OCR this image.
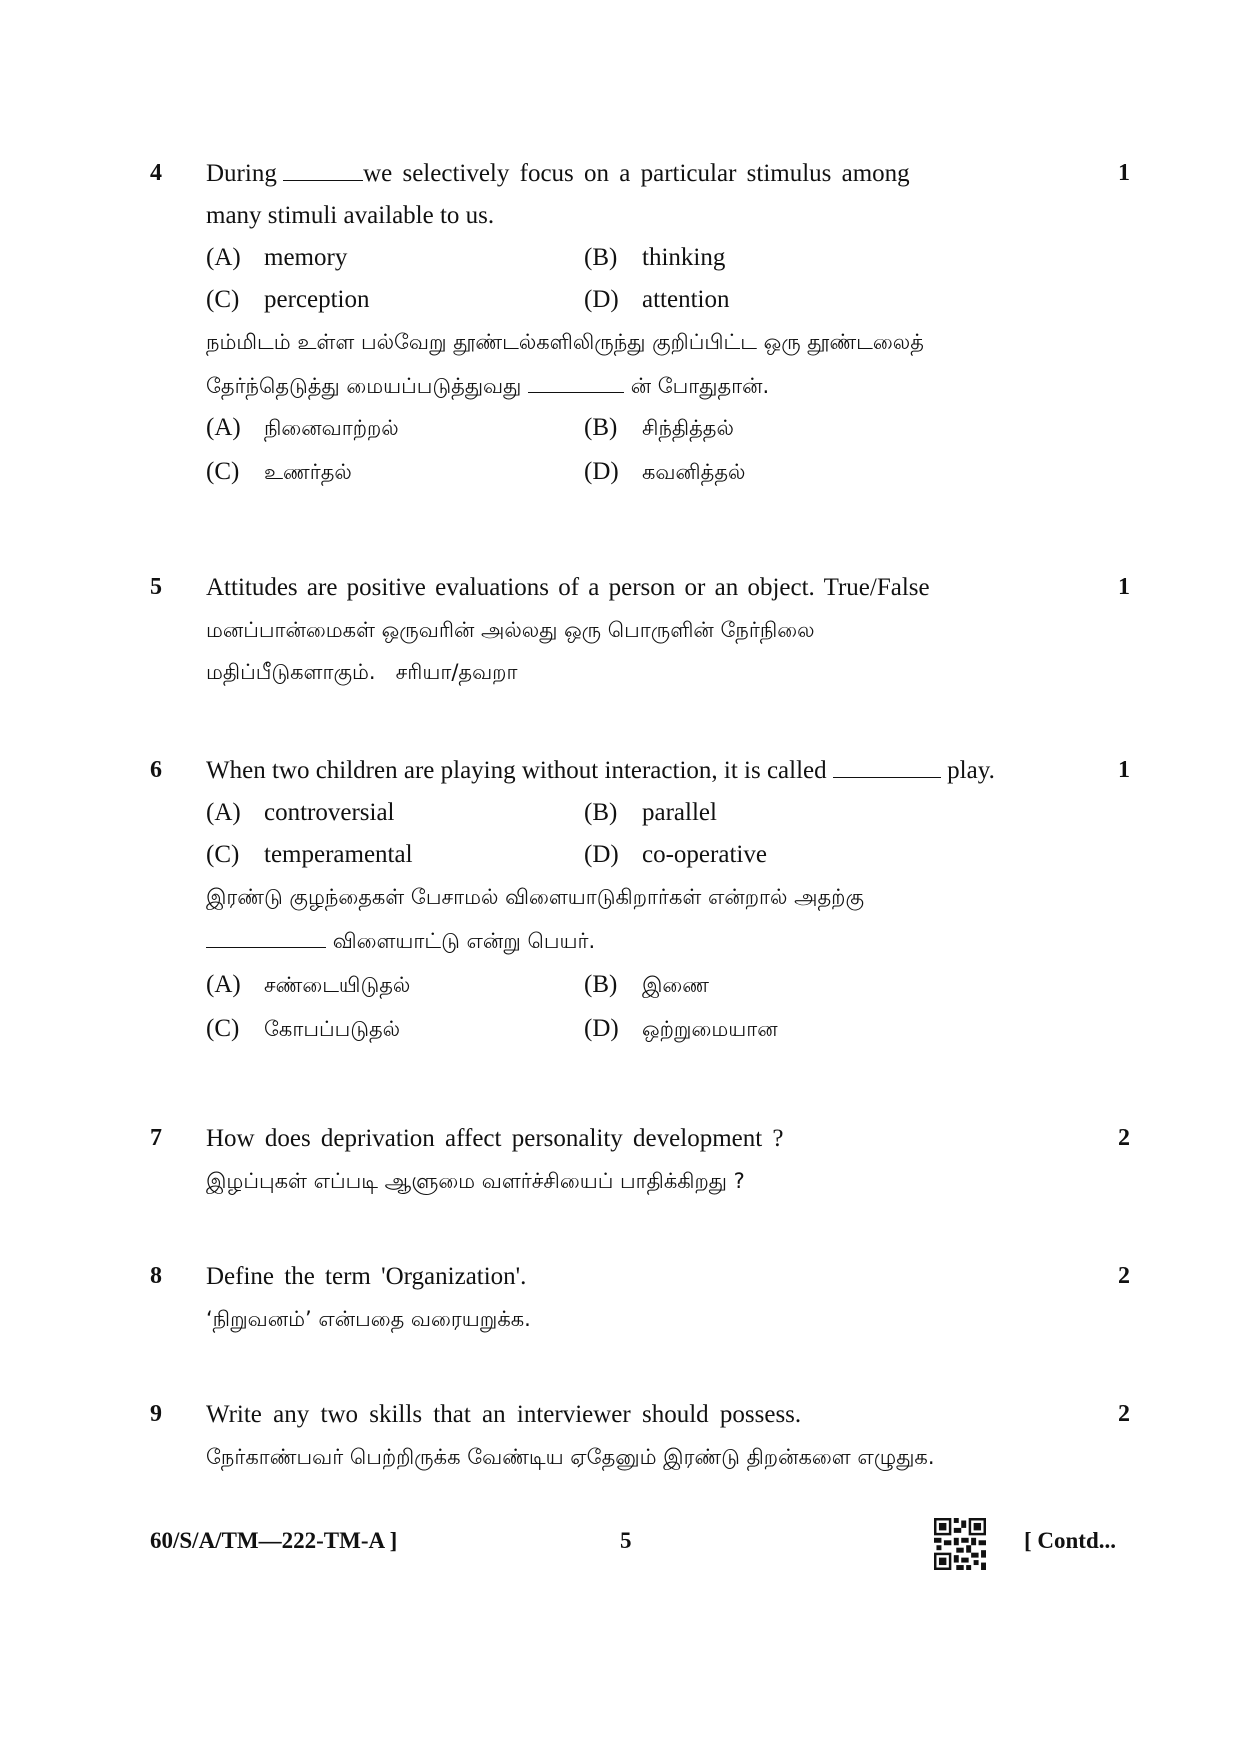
4	1
During	we selectively focus on a particular stimulus among
many stimuli available to us.
(A) memory	(B) thinking
(C) perception	(D) attention
நம்மிடம் உள்ள பல்வேறு தூண்டல்களிலிருந்து குறிப்பிட்ட ஒரு தூண்டலைத்
தேர்ந்தெடுத்து மையப்படுத்துவது	ன் போதுதான்.
(A) நினைவாற்றல்	(B) சிந்தித்தல்
(C) உணர்தல்	(D) கவனித்தல்
5	1
Attitudes are positive evaluations of a person or an object. True/False
மனப்பான்மைகள் ஒருவரின் அல்லது ஒரு பொருளின் நேர்நிலை
மதிப்பீடுகளாகும்.   சரியா/தவறா
6	1
When two children are playing without interaction, it is called	play.
(A) controversial	(B) parallel
(C) temperamental	(D) co-operative
இரண்டு குழந்தைகள் பேசாமல் விளையாடுகிறார்கள் என்றால் அதற்கு
விளையாட்டு என்று பெயர்.
(A) சண்டையிடுதல்	(B) இணை
(C) கோபப்படுதல்	(D) ஒற்றுமையான
7	2
How does deprivation affect personality development ?
இழப்புகள் எப்படி ஆளுமை வளர்ச்சியைப் பாதிக்கிறது ?
8	2
Define the term 'Organization'.
‘நிறுவனம்’ என்பதை வரையறுக்க.
9	2
Write any two skills that an interviewer should possess.
நேர்காண்பவர் பெற்றிருக்க வேண்டிய ஏதேனும் இரண்டு திறன்களை எழுதுக.
60/S/A/TM—222-TM-A ]	5	[ Contd...
